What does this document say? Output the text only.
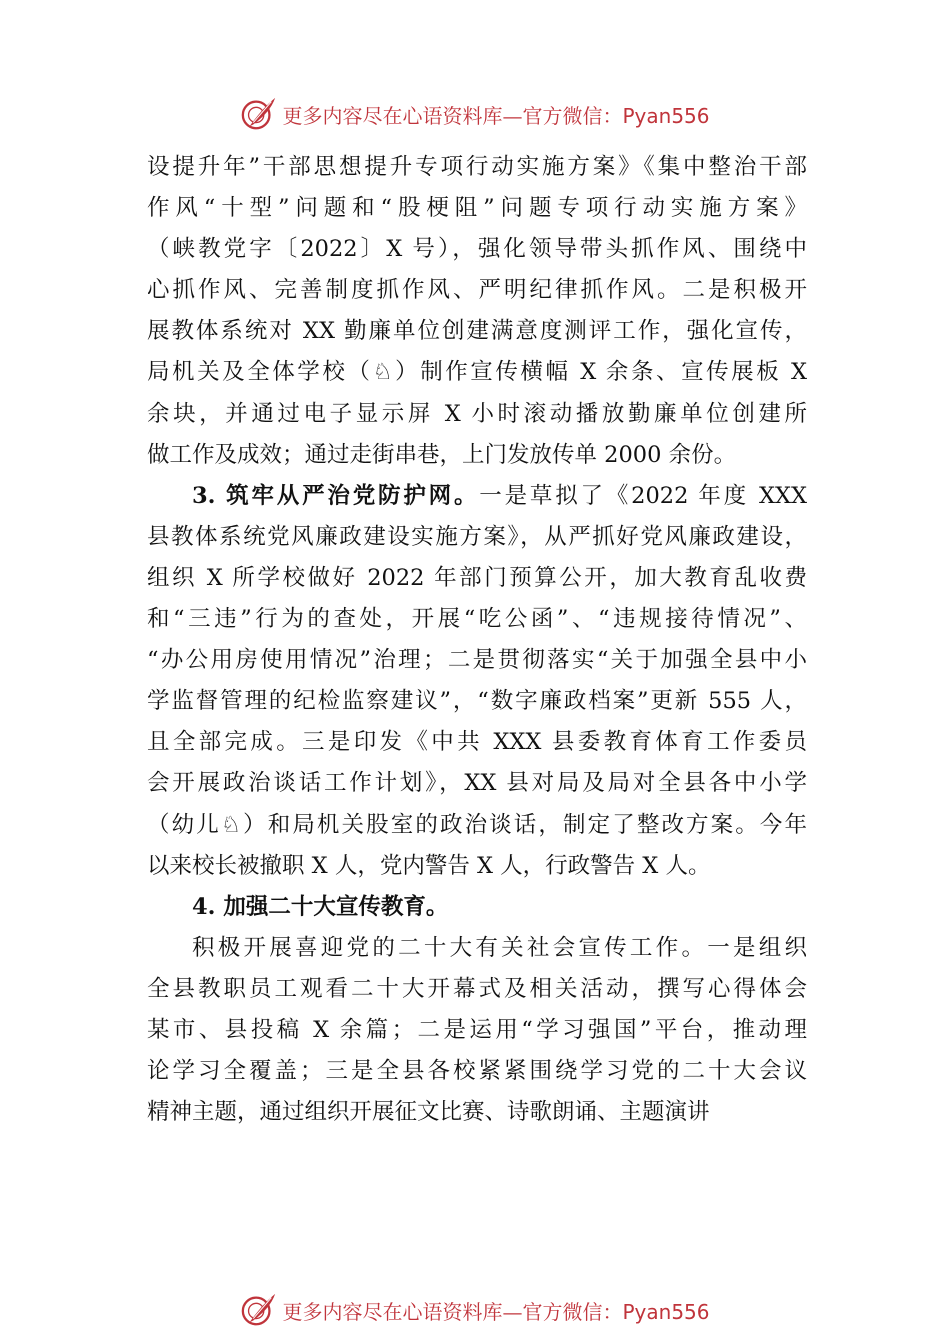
更多内容尽在心语资料库—官方微信：Pyan556
设提升年”干部思想提升专项行动实施方案》《集中整治干部
作风“十型”问题和“股梗阻”问题专项行动实施方案》
（峡教党字〔2022〕X 号），强化领导带头抓作风、围绕中
心抓作风、完善制度抓作风、严明纪律抓作风。二是积极开
展教体系统对 XX 勤廉单位创建满意度测评工作，强化宣传，
局机关及全体学校（♘）制作宣传横幅 X 余条、宣传展板 X
余块，并通过电子显示屏 X 小时滚动播放勤廉单位创建所
做工作及成效；通过走街串巷，上门发放传单 2000 余份。
3. 筑牢从严治党防护网。一是草拟了《2022 年度 XXX
县教体系统党风廉政建设实施方案》，从严抓好党风廉政建设，
组织 X 所学校做好 2022 年部门预算公开，加大教育乱收费
和“三违”行为的查处，开展“吃公函”、“违规接待情况”、
“办公用房使用情况”治理；二是贯彻落实“关于加强全县中小
学监督管理的纪检监察建议”，“数字廉政档案”更新 555 人，
且全部完成。三是印发《中共 XXX 县委教育体育工作委员
会开展政治谈话工作计划》，XX 县对局及局对全县各中小学
（幼儿♘）和局机关股室的政治谈话，制定了整改方案。今年
以来校长被撤职 X 人，党内警告 X 人，行政警告 X 人。
4. 加强二十大宣传教育。
积极开展喜迎党的二十大有关社会宣传工作。一是组织
全县教职员工观看二十大开幕式及相关活动，撰写心得体会
某市、县投稿 X 余篇；二是运用“学习强国”平台，推动理
论学习全覆盖；三是全县各校紧紧围绕学习党的二十大会议
精神主题，通过组织开展征文比赛、诗歌朗诵、主题演讲
更多内容尽在心语资料库—官方微信：Pyan556
